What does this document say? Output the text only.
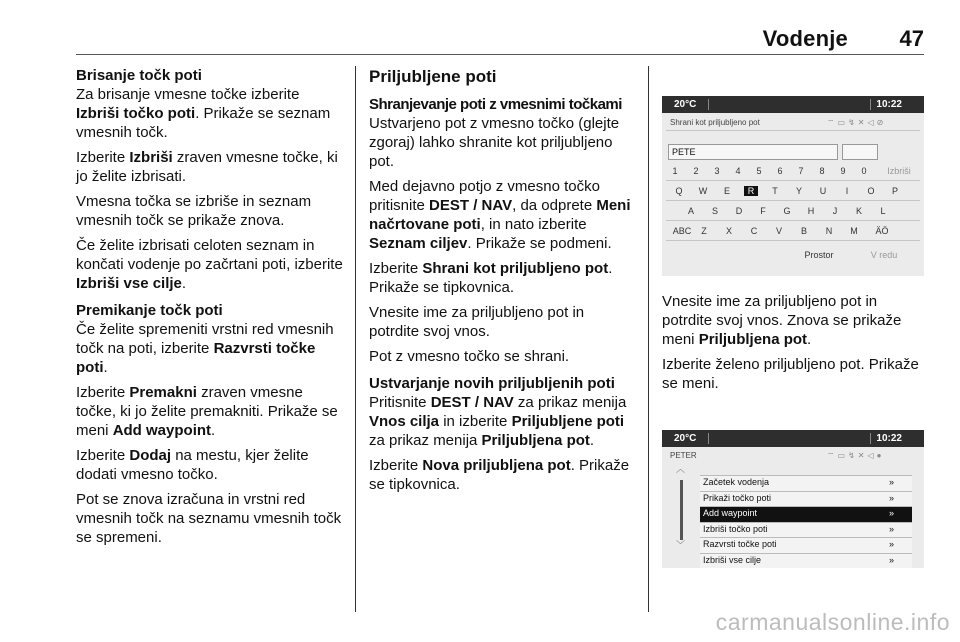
Vodenje 47
Brisanje točk poti

Za brisanje vmesne točke izberite Izbriši točko poti. Prikaže se seznam vmesnih točk.

Izberite Izbriši zraven vmesne točke, ki jo želite izbrisati.

Vmesna točka se izbriše in seznam vmesnih točk se prikaže znova.

Če želite izbrisati celoten seznam in končati vodenje po začrtani poti, izberite Izbriši vse cilje.

Premikanje točk poti

Če želite spremeniti vrstni red vmesnih točk na poti, izberite Razvrsti točke poti.

Izberite Premakni zraven vmesne točke, ki jo želite premakniti. Prikaže se meni Add waypoint.

Izberite Dodaj na mestu, kjer želite dodati vmesno točko.

Pot se znova izračuna in vrstni red vmesnih točk na seznamu vmesnih točk se spremeni.

Priljubljene poti
Shranjevanje poti z vmesnimi točkami

Ustvarjeno pot z vmesno točko (glejte zgoraj) lahko shranite kot priljubljeno pot.

Med dejavno potjo z vmesno točko pritisnite DEST / NAV, da odprete Meni načrtovane poti, in nato izberite Seznam ciljev. Prikaže se podmeni.

Izberite Shrani kot priljubljeno pot. Prikaže se tipkovnica.

Vnesite ime za priljubljeno pot in potrdite svoj vnos.

Pot z vmesno točko se shrani.

Ustvarjanje novih priljubljenih poti

Pritisnite DEST / NAV za prikaz menija Vnos cilja in izberite Priljubljene poti za prikaz menija Priljubljena pot.

Izberite Nova priljubljena pot. Prikaže se tipkovnica.

20°C	10:22
Shrani kot priljubljeno pot	⌔▭↯✕◁⊘
PETE
1	2	3	4	5	6	7	8	9	0	Izbriši
Q	W	E	R	T	Y	U	I	O	P
A	S	D	F	G	H	J	K	L
ABC	Z	X	C	V	B	N	M	ÄÖ
Prostor	V redu

Vnesite ime za priljubljeno pot in potrdite svoj vnos. Znova se prikaže meni Priljubljena pot.

Izberite želeno priljubljeno pot. Prikaže se meni.

20°C	10:22
PETER	⌔▭↯✕◁●
︿
﹀
Začetek vodenja	»
Prikaži točko poti	»
Add waypoint	»
Izbriši točko poti	»
Razvrsti točke poti	»
Izbriši vse cilje	»
carmanualsonline.info
